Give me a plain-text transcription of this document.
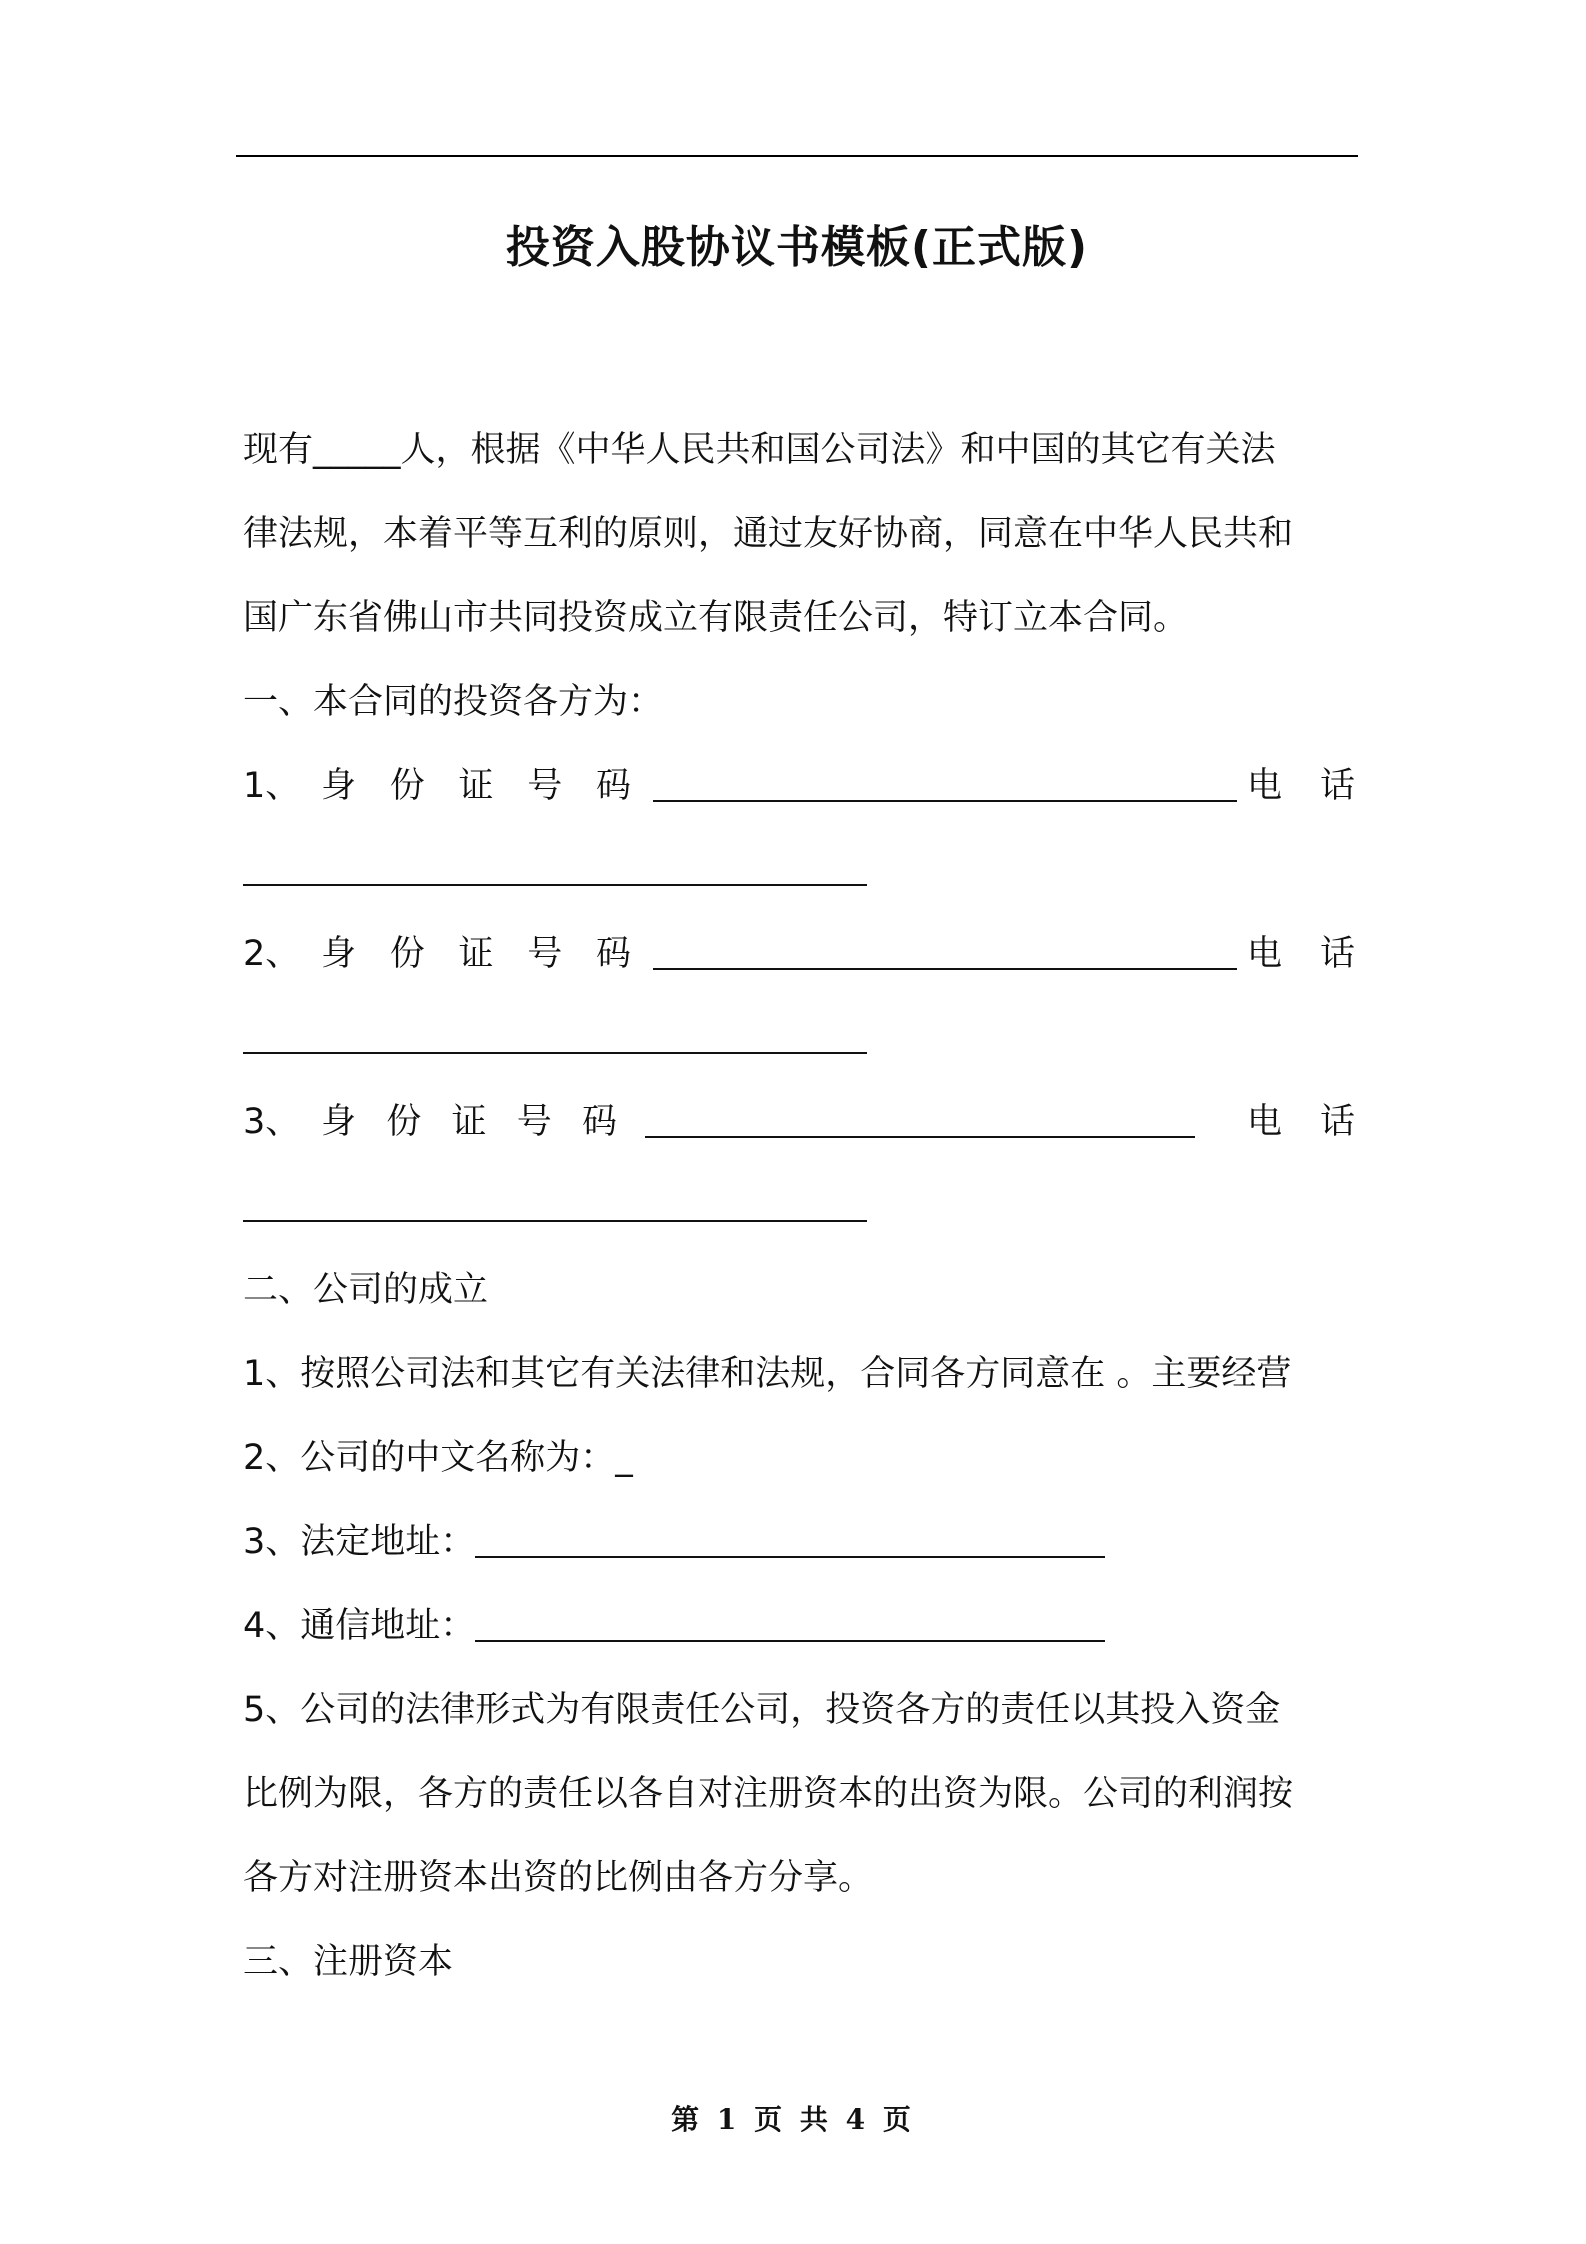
投资入股协议书模板(正式版)
现有_____人，根据《中华人民共和国公司法》和中国的其它有关法
律法规，本着平等互利的原则，通过友好协商，同意在中华人民共和
国广东省佛山市共同投资成立有限责任公司，特订立本合同。
一、本合同的投资各方为：
1、 身 份 证 号 码	电 话
2、 身 份 证 号 码	电 话
3、 身 份 证 号 码	电 话
二、公司的成立
1、按照公司法和其它有关法律和法规，合同各方同意在 。主要经营
2、公司的中文名称为：_
3、法定地址：
4、通信地址：
5、公司的法律形式为有限责任公司，投资各方的责任以其投入资金
比例为限，各方的责任以各自对注册资本的出资为限。公司的利润按
各方对注册资本出资的比例由各方分享。
三、注册资本
第 1 页 共 4 页
